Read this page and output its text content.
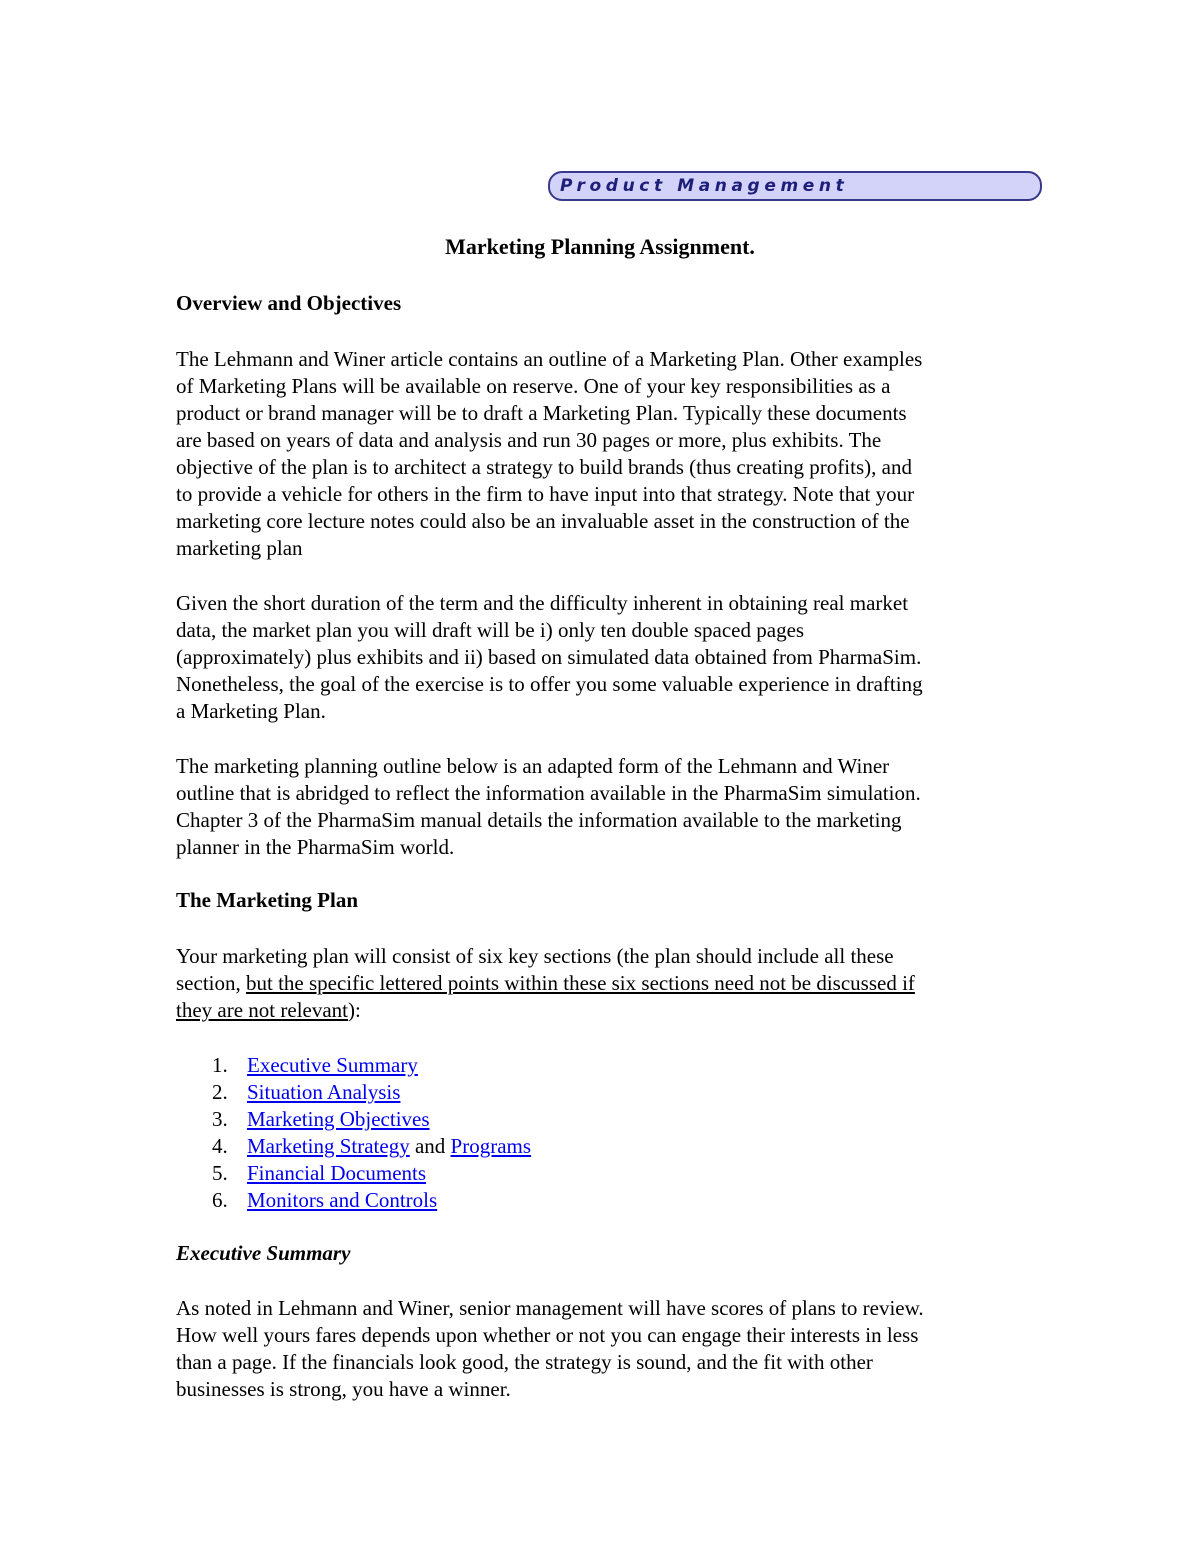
Product Management
Marketing Planning Assignment.
Overview and Objectives

The Lehmann and Winer article contains an outline of a Marketing Plan. Other examples
of Marketing Plans will be available on reserve. One of your key responsibilities as a
product or brand manager will be to draft a Marketing Plan. Typically these documents
are based on years of data and analysis and run 30 pages or more, plus exhibits. The
objective of the plan is to architect a strategy to build brands (thus creating profits), and
to provide a vehicle for others in the firm to have input into that strategy. Note that your
marketing core lecture notes could also be an invaluable asset in the construction of the
marketing plan

Given the short duration of the term and the difficulty inherent in obtaining real market
data, the market plan you will draft will be i) only ten double spaced pages
(approximately) plus exhibits and ii) based on simulated data obtained from PharmaSim.
Nonetheless, the goal of the exercise is to offer you some valuable experience in drafting
a Marketing Plan.

The marketing planning outline below is an adapted form of the Lehmann and Winer
outline that is abridged to reflect the information available in the PharmaSim simulation.
Chapter 3 of the PharmaSim manual details the information available to the marketing
planner in the PharmaSim world.

The Marketing Plan

Your marketing plan will consist of six key sections (the plan should include all these
section, but the specific lettered points within these six sections need not be discussed if
they are not relevant):

1. Executive Summary
2. Situation Analysis
3. Marketing Objectives
4. Marketing Strategy and Programs
5. Financial Documents
6. Monitors and Controls
Executive Summary

As noted in Lehmann and Winer, senior management will have scores of plans to review.
How well yours fares depends upon whether or not you can engage their interests in less
than a page. If the financials look good, the strategy is sound, and the fit with other
businesses is strong, you have a winner.
